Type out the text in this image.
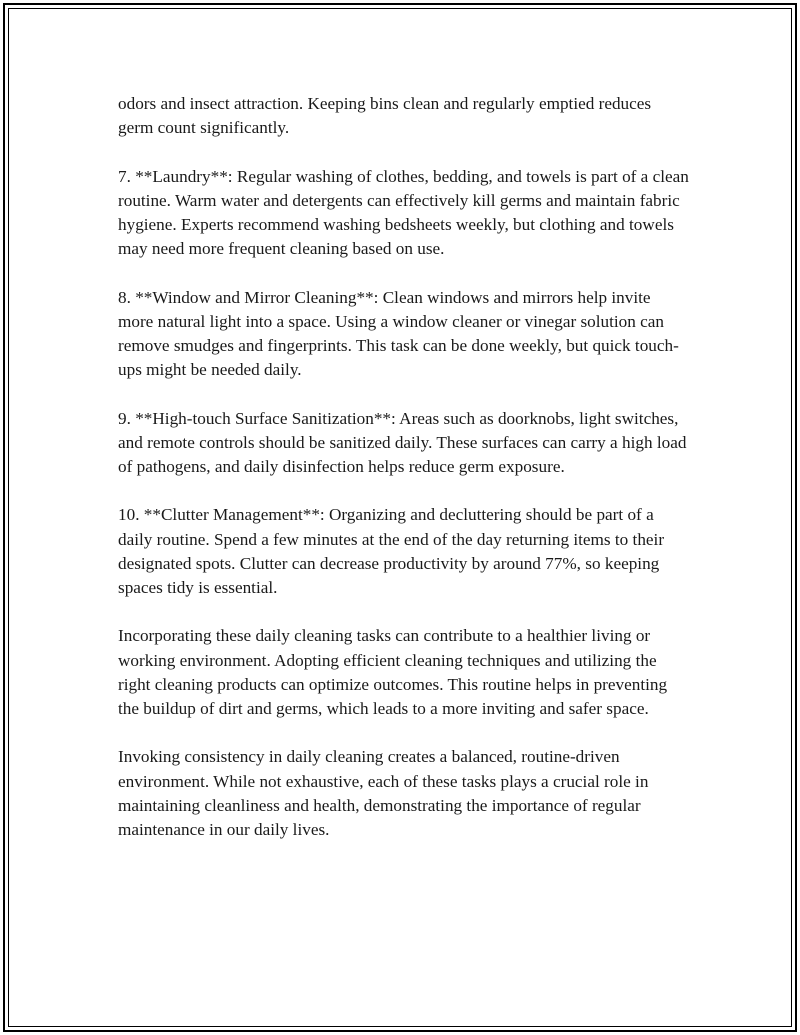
odors and insect attraction. Keeping bins clean and regularly emptied reduces germ count significantly.

7. **Laundry**: Regular washing of clothes, bedding, and towels is part of a clean routine. Warm water and detergents can effectively kill germs and maintain fabric hygiene. Experts recommend washing bedsheets weekly, but clothing and towels may need more frequent cleaning based on use.

8. **Window and Mirror Cleaning**: Clean windows and mirrors help invite more natural light into a space. Using a window cleaner or vinegar solution can remove smudges and fingerprints. This task can be done weekly, but quick touch-ups might be needed daily.

9. **High-touch Surface Sanitization**: Areas such as doorknobs, light switches, and remote controls should be sanitized daily. These surfaces can carry a high load of pathogens, and daily disinfection helps reduce germ exposure.

10. **Clutter Management**: Organizing and decluttering should be part of a daily routine. Spend a few minutes at the end of the day returning items to their designated spots. Clutter can decrease productivity by around 77%, so keeping spaces tidy is essential.

Incorporating these daily cleaning tasks can contribute to a healthier living or working environment. Adopting efficient cleaning techniques and utilizing the right cleaning products can optimize outcomes. This routine helps in preventing the buildup of dirt and germs, which leads to a more inviting and safer space.

Invoking consistency in daily cleaning creates a balanced, routine-driven environment. While not exhaustive, each of these tasks plays a crucial role in maintaining cleanliness and health, demonstrating the importance of regular maintenance in our daily lives.
